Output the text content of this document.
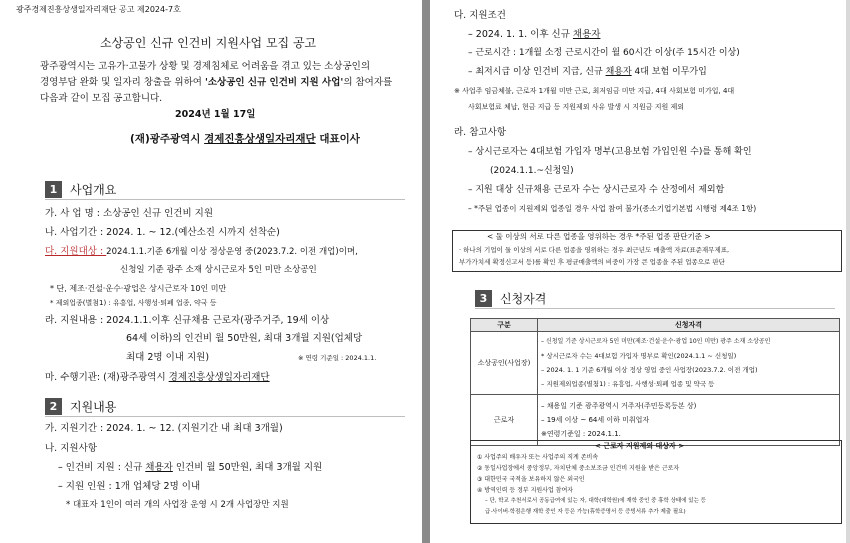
광주경제진흥상생일자리재단 공고 제2024-7호
소상공인 신규 인건비 지원사업 모집 공고
광주광역시는 고유가·고물가 상황 및 경제침체로 어려움을 겪고 있는 소상공인의
경영부담 완화 및 일자리 창출을 위하여 '소상공인 신규 인건비 지원 사업'의 참여자를
다음과 같이 모집 공고합니다.
2024년 1월 17일
(재)광주광역시 경제진흥상생일자리재단 대표이사
1	사업개요
가. 사 업 명 : 소상공인 신규 인건비 지원
나. 사업기간 : 2024. 1. ~ 12.(예산소진 시까지 선착순)
다. 지원대상 : 2024.1.1.기준 6개월 이상 정상운영 중(2023.7.2. 이전 개업)이며,
신청일 기준 광주 소재 상시근로자 5인 미만 소상공인
* 단, 제조·건설·운수·광업은 상시근로자 10인 미만
* 제외업종(별첨1) : 유흥업, 사행성·퇴폐 업종, 약국 등
라. 지원내용 : 2024.1.1.이후 신규채용 근로자(광주거주, 19세 이상
64세 이하)의 인건비 월 50만원, 최대 3개월 지원(업체당
최대 2명 이내 지원)	※ 연령 기준일 : 2024.1.1.
마. 수행기관: (재)광주광역시 경제진흥상생일자리재단
2	지원내용
가. 지원기간 : 2024. 1. ~ 12. (지원기간 내 최대 3개월)
나. 지원사항
– 인건비 지원 : 신규 채용자 인건비 월 50만원, 최대 3개월 지원
– 지원 인원 : 1개 업체당 2명 이내
* 대표자 1인이 여러 개의 사업장 운영 시 2개 사업장만 지원
다. 지원조건
– 2024. 1. 1. 이후 신규 채용자
– 근로시간 : 1개월 소정 근로시간이 월 60시간 이상(주 15시간 이상)
– 최저시급 이상 인건비 지급, 신규 채용자 4대 보험 이무가입
※ 사업주 임금체불, 근로자 1개월 미만 근로, 최저임금 미만 지급, 4대 사회보험 미가입, 4대
사회보험료 체납, 현금 지급 등 지원제외 사유 발생 시 지원금 지원 제외
라. 참고사항
– 상시근로자는 4대보험 가입자 명부(고용보험 가입인원 수)를 통해 확인
(2024.1.1.~신청일)
– 지원 대상 신규채용 근로자 수는 상시근로자 수 산정에서 제외함
– *주된 업종이 지원제외 업종일 경우 사업 참여 불가(종소기업기본법 시행령 제4조 1항)
< 둘 이상의 서로 다른 업종을 영위하는 경우 *주된 업종 판단기준 >
· 하나의 기업이 둘 이상의 서로 다른 업종을 영위하는 경우 최근년도 매출액 자료(표준재무제표,
부가가치세 확정신고서 등)를 확인 후 평균매출액의 비중이 가장 큰 업종을 주된 업종으로 판단
3	신청자격
구분	신청자격
소상공인(사업장)	– 신청일 기준 상시근로자 5인 미만(제조·건설·운수·광업 10인 미만) 광주 소재 소상공인
* 상시근로자 수는 4대보험 가입자 명부로 확인(2024.1.1 ~ 신청일)
– 2024. 1. 1 기준 6개월 이상 정상 영업 중인 사업장(2023.7.2. 이전 개업)
– 지원제외업종(별첨1) : 유흥업, 사행성·퇴폐 업종 및 약국 등

근로자	– 채용일 기준 광주광역시 거주자(주민등록등본 상)
– 19세 이상 ~ 64세 이하 미취업자
※연령기준일 : 2024.1.1.
< 근로자 지원제외 대상자 >
① 사업주의 배우자 또는 사업주의 직계 존비속
② 동일사업장에서 중앙정부, 자치단체 중소보조금 인건비 지원을 받은 근로자
③ 대한민국 국적을 보유하지 않은 외국인
④ 방역인력 등 정부 지원사업 참여자
– 단, 학교 추천서로서 공동급여에 있는 자, 대학(대학원)에 재학 중인 중 휴학 상태에 있는 등
급·사이버·학점은행 재학 중인 자 등은 가능(휴학증명서 등 증빙서류 추가 제출 필요)
